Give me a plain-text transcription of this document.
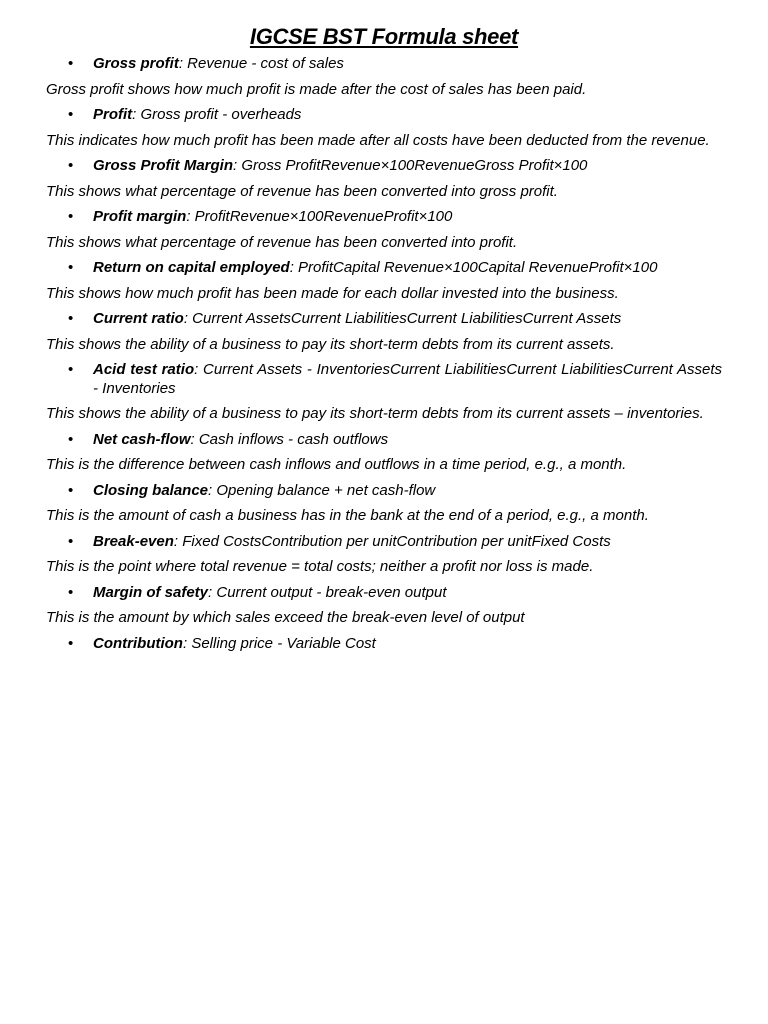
IGCSE BST Formula sheet

• Gross profit: Revenue - cost of sales

Gross profit shows how much profit is made after the cost of sales has been paid.

• Profit: Gross profit - overheads

This indicates how much profit has been made after all costs have been deducted from the revenue.

• Gross Profit Margin: Gross ProfitRevenue×100RevenueGross Profit×100

This shows what percentage of revenue has been converted into gross profit.

• Profit margin: ProfitRevenue×100RevenueProfit×100

This shows what percentage of revenue has been converted into profit.

• Return on capital employed: ProfitCapital Revenue×100Capital RevenueProfit×100

This shows how much profit has been made for each dollar invested into the business.

• Current ratio: Current AssetsCurrent LiabilitiesCurrent LiabilitiesCurrent Assets

This shows the ability of a business to pay its short-term debts from its current assets.

• Acid test ratio: Current Assets - InventoriesCurrent LiabilitiesCurrent LiabilitiesCurrent Assets - Inventories

This shows the ability of a business to pay its short-term debts from its current assets – inventories.

• Net cash-flow: Cash inflows - cash outflows

This is the difference between cash inflows and outflows in a time period, e.g., a month.

• Closing balance: Opening balance + net cash-flow

This is the amount of cash a business has in the bank at the end of a period, e.g., a month.

• Break-even: Fixed CostsContribution per unitContribution per unitFixed Costs

This is the point where total revenue = total costs; neither a profit nor loss is made.

• Margin of safety: Current output - break-even output

This is the amount by which sales exceed the break-even level of output

• Contribution: Selling price - Variable Cost
